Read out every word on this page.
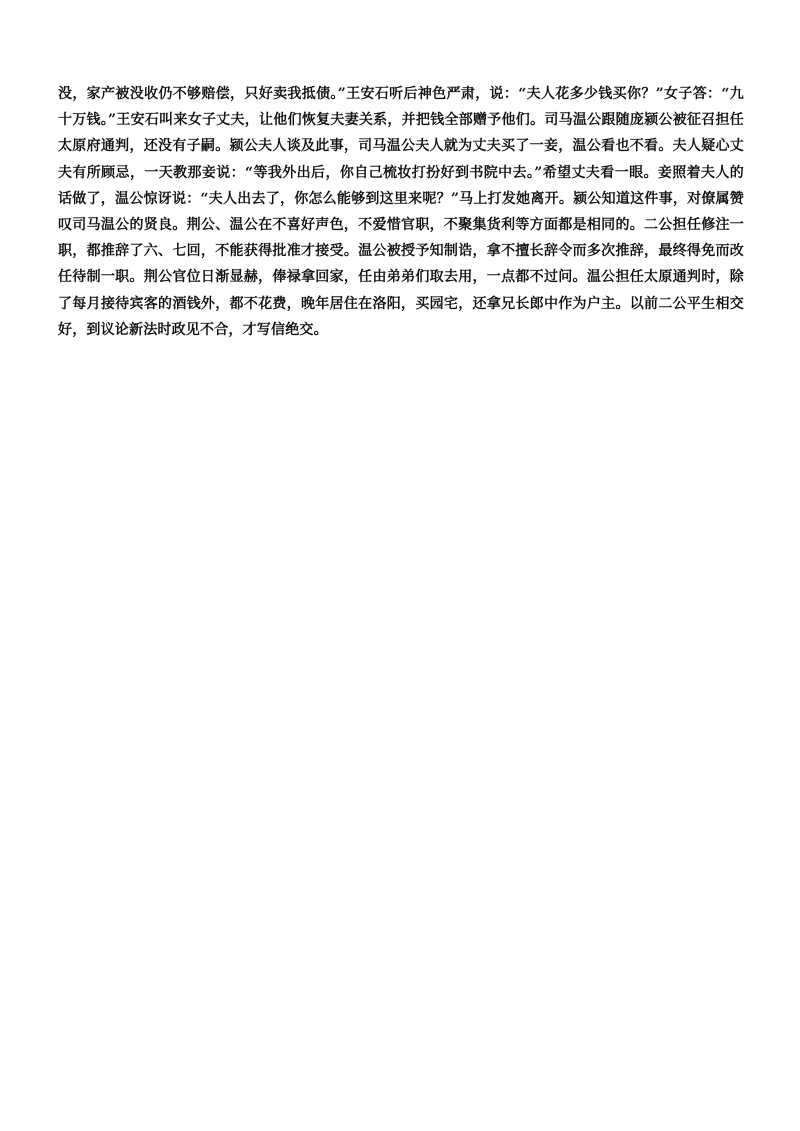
没，家产被没收仍不够赔偿，只好卖我抵债。”王安石听后神色严肃，说：“夫人花多少钱买你？”女子答：“九十万钱。”王安石叫来女子丈夫，让他们恢复夫妻关系，并把钱全部赠予他们。司马温公跟随庞颍公被征召担任太原府通判，还没有子嗣。颍公夫人谈及此事，司马温公夫人就为丈夫买了一妾，温公看也不看。夫人疑心丈夫有所顾忌，一天教那妾说：“等我外出后，你自己梳妆打扮好到书院中去。”希望丈夫看一眼。妾照着夫人的话做了，温公惊讶说：“夫人出去了，你怎么能够到这里来呢？”马上打发她离开。颍公知道这件事，对僚属赞叹司马温公的贤良。荆公、温公在不喜好声色，不爱惜官职，不聚集货利等方面都是相同的。二公担任修注一职，都推辞了六、七回，不能获得批准才接受。温公被授予知制诰，拿不擅长辞令而多次推辞，最终得免而改任待制一职。荆公官位日渐显赫，俸禄拿回家，任由弟弟们取去用，一点都不过问。温公担任太原通判时，除了每月接待宾客的酒钱外，都不花费，晚年居住在洛阳，买园宅，还拿兄长郎中作为户主。以前二公平生相交好，到议论新法时政见不合，才写信绝交。
